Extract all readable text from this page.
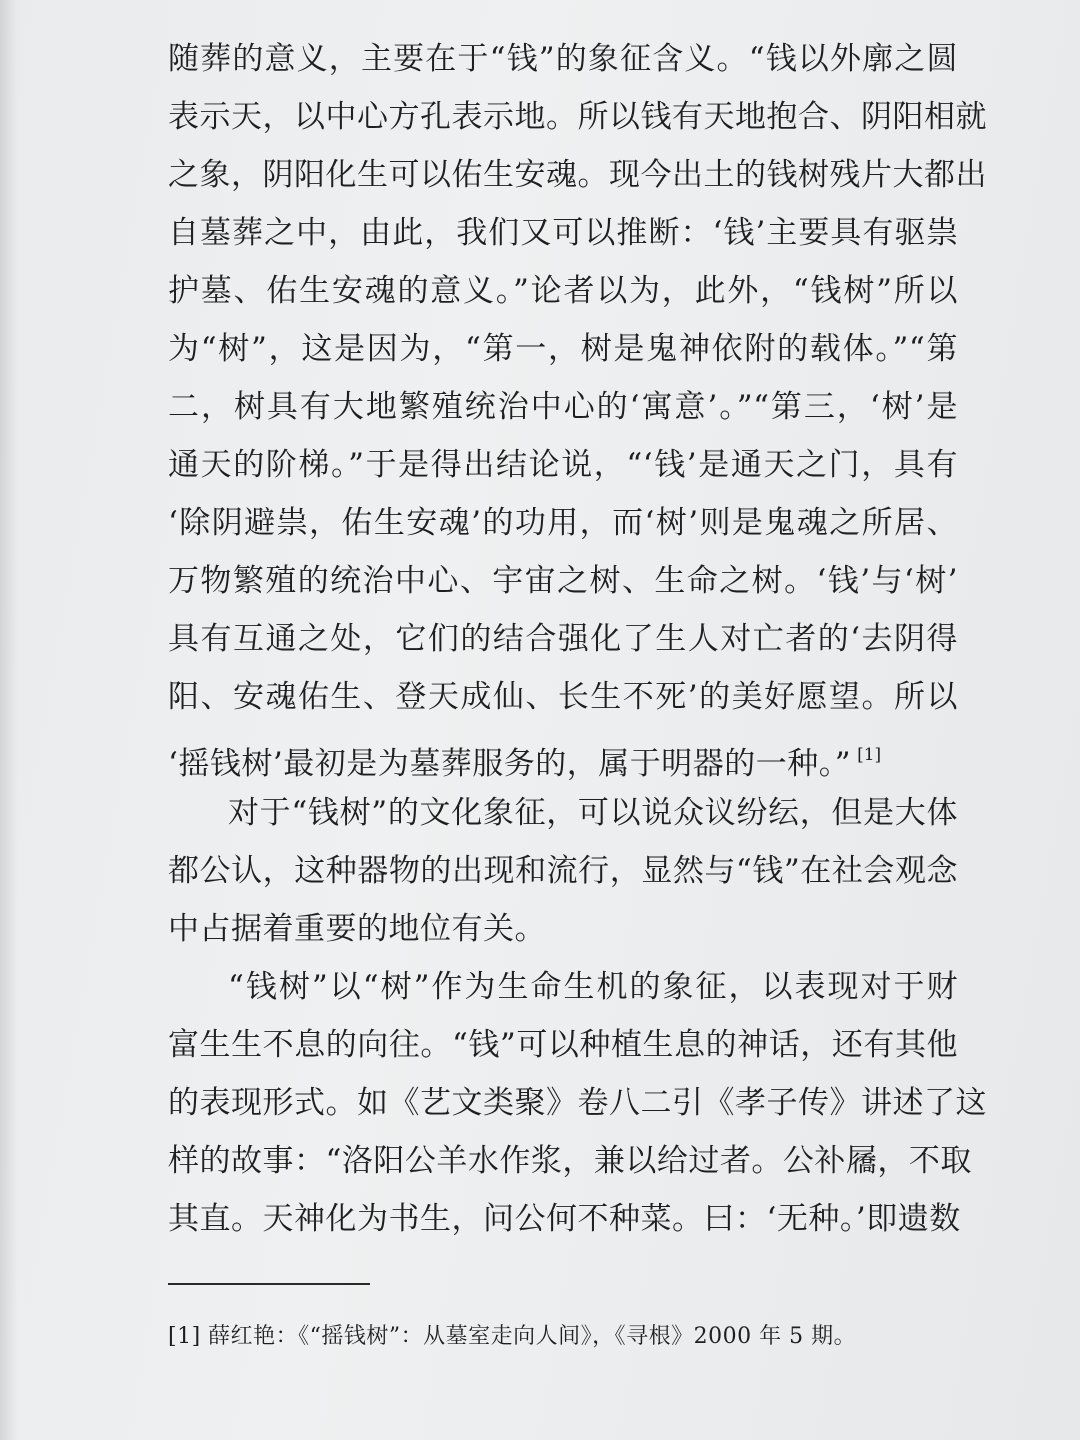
随葬的意义，主要在于“钱”的象征含义。“钱以外廓之圆
表示天，以中心方孔表示地。所以钱有天地抱合、阴阳相就
之象，阴阳化生可以佑生安魂。现今出土的钱树残片大都出
自墓葬之中，由此，我们又可以推断：‘钱’主要具有驱祟
护墓、佑生安魂的意义。”论者以为，此外，“钱树”所以
为“树”，这是因为，“第一，树是鬼神依附的载体。”“第
二，树具有大地繁殖统治中心的‘寓意’。”“第三，‘树’是
通天的阶梯。”于是得出结论说，“‘钱’是通天之门，具有
‘除阴避祟，佑生安魂’的功用，而‘树’则是鬼魂之所居、
万物繁殖的统治中心、宇宙之树、生命之树。‘钱’与‘树’
具有互通之处，它们的结合强化了生人对亡者的‘去阴得
阳、安魂佑生、登天成仙、长生不死’的美好愿望。所以
‘摇钱树’最初是为墓葬服务的，属于明器的一种。” [1]
对于“钱树”的文化象征，可以说众议纷纭，但是大体
都公认，这种器物的出现和流行，显然与“钱”在社会观念
中占据着重要的地位有关。
“钱树”以“树”作为生命生机的象征，以表现对于财
富生生不息的向往。“钱”可以种植生息的神话，还有其他
的表现形式。如《艺文类聚》卷八二引《孝子传》讲述了这
样的故事：“洛阳公羊水作浆，兼以给过者。公补屩，不取
其直。天神化为书生，问公何不种菜。曰：‘无种。’即遗数
[1] 薛红艳：《“摇钱树”：从墓室走向人间》，《寻根》2000 年 5 期。
